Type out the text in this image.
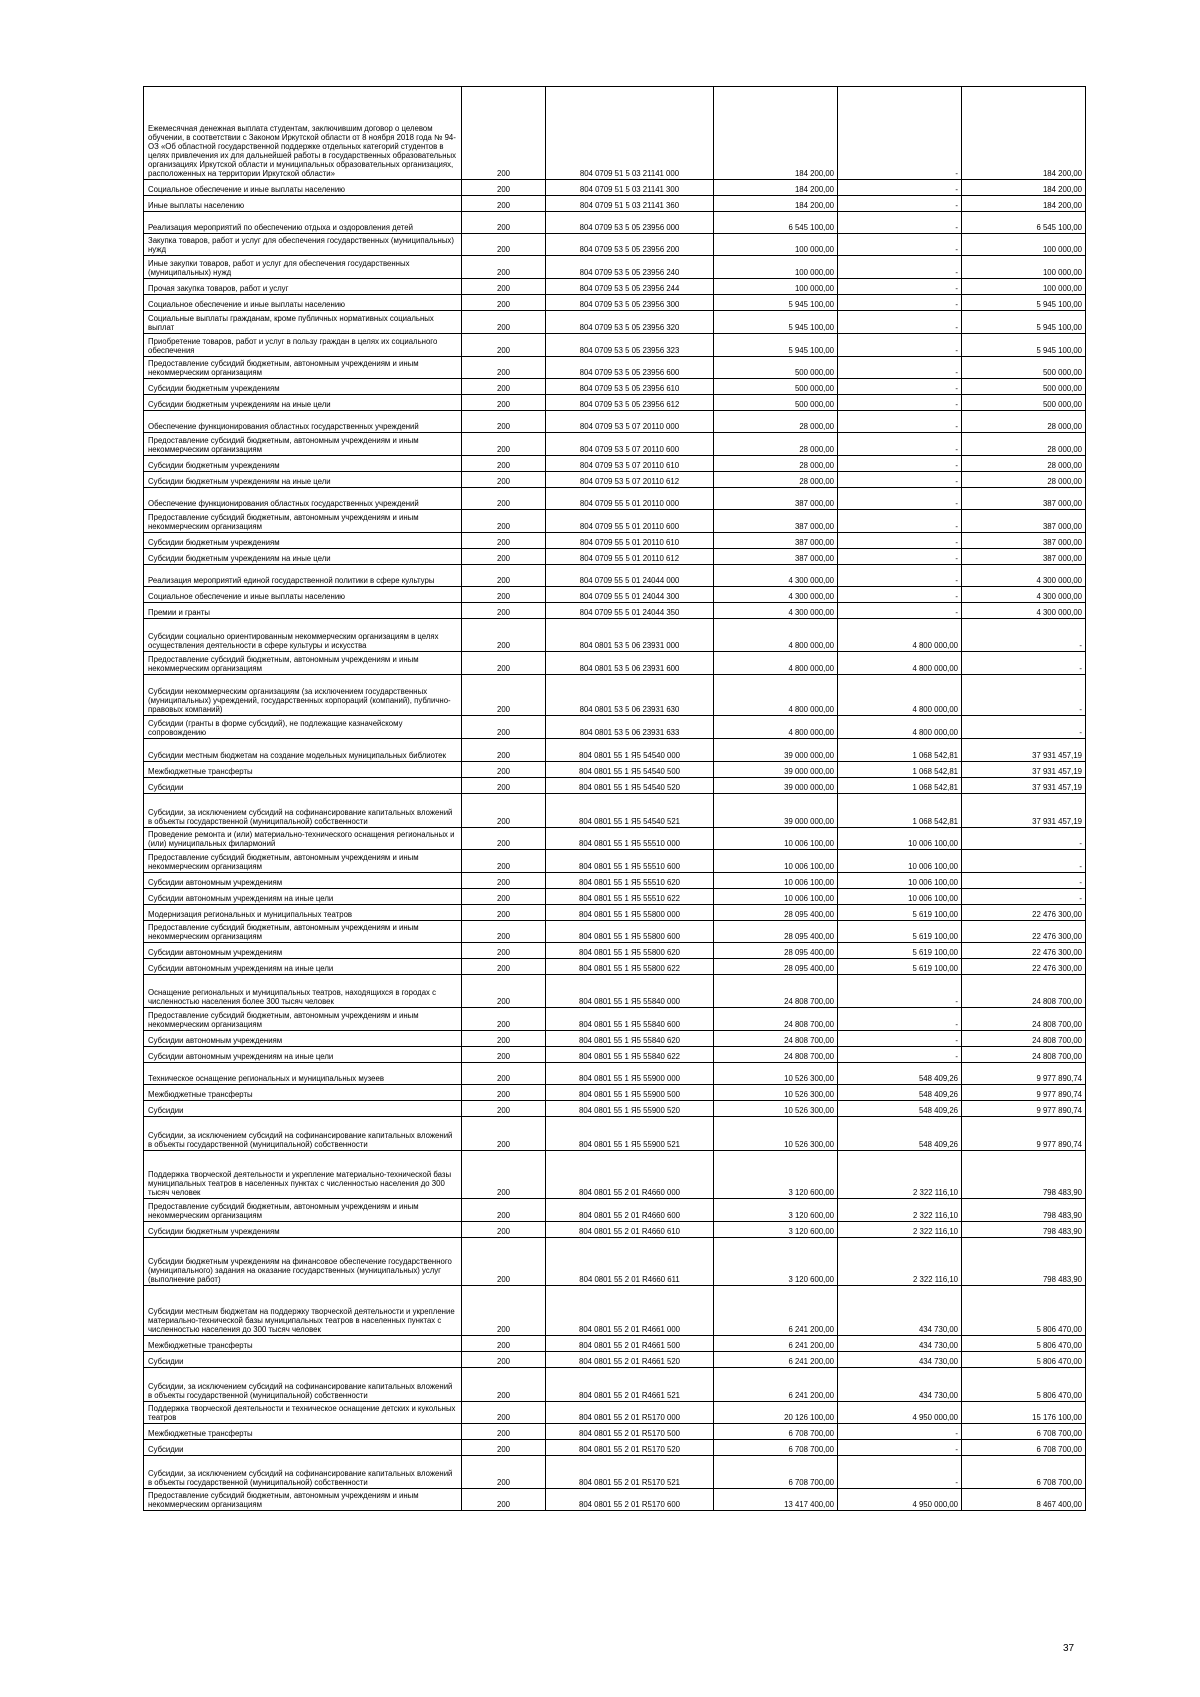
Ежемесячная денежная выплата студентам, заключившим договор о целевом обучении, в соответствии с Законом Иркутской области от 8 ноября 2018 года № 94-ОЗ «Об областной государственной поддержке отдельных категорий студентов в целях привлечения их для дальнейшей работы в государственных образовательных организациях Иркутской области и муниципальных образовательных организациях, расположенных на территории Иркутской области»	200	804 0709 51 5 03 21141 000	184 200,00	-	184 200,00
Социальное обеспечение и иные выплаты населению	200	804 0709 51 5 03 21141 300	184 200,00	-	184 200,00
Иные выплаты населению	200	804 0709 51 5 03 21141 360	184 200,00	-	184 200,00
Реализация мероприятий по обеспечению отдыха и оздоровления детей	200	804 0709 53 5 05 23956 000	6 545 100,00	-	6 545 100,00
Закупка товаров, работ и услуг для обеспечения государственных (муниципальных) нужд	200	804 0709 53 5 05 23956 200	100 000,00	-	100 000,00
Иные закупки товаров, работ и услуг для обеспечения государственных (муниципальных) нужд	200	804 0709 53 5 05 23956 240	100 000,00	-	100 000,00
Прочая закупка товаров, работ и услуг	200	804 0709 53 5 05 23956 244	100 000,00	-	100 000,00
Социальное обеспечение и иные выплаты населению	200	804 0709 53 5 05 23956 300	5 945 100,00	-	5 945 100,00
Социальные выплаты гражданам, кроме публичных нормативных социальных выплат	200	804 0709 53 5 05 23956 320	5 945 100,00	-	5 945 100,00
Приобретение товаров, работ и услуг в пользу граждан в целях их социального обеспечения	200	804 0709 53 5 05 23956 323	5 945 100,00	-	5 945 100,00
Предоставление субсидий бюджетным, автономным учреждениям и иным некоммерческим организациям	200	804 0709 53 5 05 23956 600	500 000,00	-	500 000,00
Субсидии бюджетным учреждениям	200	804 0709 53 5 05 23956 610	500 000,00	-	500 000,00
Субсидии бюджетным учреждениям на иные цели	200	804 0709 53 5 05 23956 612	500 000,00	-	500 000,00
Обеспечение функционирования областных государственных учреждений	200	804 0709 53 5 07 20110 000	28 000,00	-	28 000,00
Предоставление субсидий бюджетным, автономным учреждениям и иным некоммерческим организациям	200	804 0709 53 5 07 20110 600	28 000,00	-	28 000,00
Субсидии бюджетным учреждениям	200	804 0709 53 5 07 20110 610	28 000,00	-	28 000,00
Субсидии бюджетным учреждениям на иные цели	200	804 0709 53 5 07 20110 612	28 000,00	-	28 000,00
Обеспечение функционирования областных государственных учреждений	200	804 0709 55 5 01 20110 000	387 000,00	-	387 000,00
Предоставление субсидий бюджетным, автономным учреждениям и иным некоммерческим организациям	200	804 0709 55 5 01 20110 600	387 000,00	-	387 000,00
Субсидии бюджетным учреждениям	200	804 0709 55 5 01 20110 610	387 000,00	-	387 000,00
Субсидии бюджетным учреждениям на иные цели	200	804 0709 55 5 01 20110 612	387 000,00	-	387 000,00
Реализация мероприятий единой государственной политики в сфере культуры	200	804 0709 55 5 01 24044 000	4 300 000,00	-	4 300 000,00
Социальное обеспечение и иные выплаты населению	200	804 0709 55 5 01 24044 300	4 300 000,00	-	4 300 000,00
Премии и гранты	200	804 0709 55 5 01 24044 350	4 300 000,00	-	4 300 000,00
Субсидии социально ориентированным некоммерческим организациям в целях осуществления деятельности в сфере культуры и искусства	200	804 0801 53 5 06 23931 000	4 800 000,00	4 800 000,00	-
Предоставление субсидий бюджетным, автономным учреждениям и иным некоммерческим организациям	200	804 0801 53 5 06 23931 600	4 800 000,00	4 800 000,00	-
Субсидии некоммерческим организациям (за исключением государственных (муниципальных) учреждений, государственных корпораций (компаний), публично-правовых компаний)	200	804 0801 53 5 06 23931 630	4 800 000,00	4 800 000,00	-
Субсидии (гранты в форме субсидий), не подлежащие казначейскому сопровождению	200	804 0801 53 5 06 23931 633	4 800 000,00	4 800 000,00	-
Субсидии местным бюджетам на создание модельных муниципальных библиотек	200	804 0801 55 1 Я5 54540 000	39 000 000,00	1 068 542,81	37 931 457,19
Межбюджетные трансферты	200	804 0801 55 1 Я5 54540 500	39 000 000,00	1 068 542,81	37 931 457,19
Субсидии	200	804 0801 55 1 Я5 54540 520	39 000 000,00	1 068 542,81	37 931 457,19
Субсидии, за исключением субсидий на софинансирование капитальных вложений в объекты государственной (муниципальной) собственности	200	804 0801 55 1 Я5 54540 521	39 000 000,00	1 068 542,81	37 931 457,19
Проведение ремонта и (или) материально-технического оснащения региональных и (или) муниципальных филармоний	200	804 0801 55 1 Я5 55510 000	10 006 100,00	10 006 100,00	-
Предоставление субсидий бюджетным, автономным учреждениям и иным некоммерческим организациям	200	804 0801 55 1 Я5 55510 600	10 006 100,00	10 006 100,00	-
Субсидии автономным учреждениям	200	804 0801 55 1 Я5 55510 620	10 006 100,00	10 006 100,00	-
Субсидии автономным учреждениям на иные цели	200	804 0801 55 1 Я5 55510 622	10 006 100,00	10 006 100,00	-
Модернизация региональных и муниципальных театров	200	804 0801 55 1 Я5 55800 000	28 095 400,00	5 619 100,00	22 476 300,00
Предоставление субсидий бюджетным, автономным учреждениям и иным некоммерческим организациям	200	804 0801 55 1 Я5 55800 600	28 095 400,00	5 619 100,00	22 476 300,00
Субсидии автономным учреждениям	200	804 0801 55 1 Я5 55800 620	28 095 400,00	5 619 100,00	22 476 300,00
Субсидии автономным учреждениям на иные цели	200	804 0801 55 1 Я5 55800 622	28 095 400,00	5 619 100,00	22 476 300,00
Оснащение региональных и муниципальных театров, находящихся в городах с численностью населения более 300 тысяч человек	200	804 0801 55 1 Я5 55840 000	24 808 700,00	-	24 808 700,00
Предоставление субсидий бюджетным, автономным учреждениям и иным некоммерческим организациям	200	804 0801 55 1 Я5 55840 600	24 808 700,00	-	24 808 700,00
Субсидии автономным учреждениям	200	804 0801 55 1 Я5 55840 620	24 808 700,00	-	24 808 700,00
Субсидии автономным учреждениям на иные цели	200	804 0801 55 1 Я5 55840 622	24 808 700,00	-	24 808 700,00
Техническое оснащение региональных и муниципальных музеев	200	804 0801 55 1 Я5 55900 000	10 526 300,00	548 409,26	9 977 890,74
Межбюджетные трансферты	200	804 0801 55 1 Я5 55900 500	10 526 300,00	548 409,26	9 977 890,74
Субсидии	200	804 0801 55 1 Я5 55900 520	10 526 300,00	548 409,26	9 977 890,74
Субсидии, за исключением субсидий на софинансирование капитальных вложений в объекты государственной (муниципальной) собственности	200	804 0801 55 1 Я5 55900 521	10 526 300,00	548 409,26	9 977 890,74
Поддержка творческой деятельности и укрепление материально-технической базы муниципальных театров в населенных пунктах с численностью населения до 300 тысяч человек	200	804 0801 55 2 01 R4660 000	3 120 600,00	2 322 116,10	798 483,90
Предоставление субсидий бюджетным, автономным учреждениям и иным некоммерческим организациям	200	804 0801 55 2 01 R4660 600	3 120 600,00	2 322 116,10	798 483,90
Субсидии бюджетным учреждениям	200	804 0801 55 2 01 R4660 610	3 120 600,00	2 322 116,10	798 483,90
Субсидии бюджетным учреждениям на финансовое обеспечение государственного (муниципального) задания на оказание государственных (муниципальных) услуг (выполнение работ)	200	804 0801 55 2 01 R4660 611	3 120 600,00	2 322 116,10	798 483,90
Субсидии местным бюджетам на поддержку творческой деятельности и укрепление материально-технической базы муниципальных театров в населенных пунктах с численностью населения до 300 тысяч человек	200	804 0801 55 2 01 R4661 000	6 241 200,00	434 730,00	5 806 470,00
Межбюджетные трансферты	200	804 0801 55 2 01 R4661 500	6 241 200,00	434 730,00	5 806 470,00
Субсидии	200	804 0801 55 2 01 R4661 520	6 241 200,00	434 730,00	5 806 470,00
Субсидии, за исключением субсидий на софинансирование капитальных вложений в объекты государственной (муниципальной) собственности	200	804 0801 55 2 01 R4661 521	6 241 200,00	434 730,00	5 806 470,00
Поддержка творческой деятельности и техническое оснащение детских и кукольных театров	200	804 0801 55 2 01 R5170 000	20 126 100,00	4 950 000,00	15 176 100,00
Межбюджетные трансферты	200	804 0801 55 2 01 R5170 500	6 708 700,00	-	6 708 700,00
Субсидии	200	804 0801 55 2 01 R5170 520	6 708 700,00	-	6 708 700,00
Субсидии, за исключением субсидий на софинансирование капитальных вложений в объекты государственной (муниципальной) собственности	200	804 0801 55 2 01 R5170 521	6 708 700,00	-	6 708 700,00
Предоставление субсидий бюджетным, автономным учреждениям и иным некоммерческим организациям	200	804 0801 55 2 01 R5170 600	13 417 400,00	4 950 000,00	8 467 400,00
37
